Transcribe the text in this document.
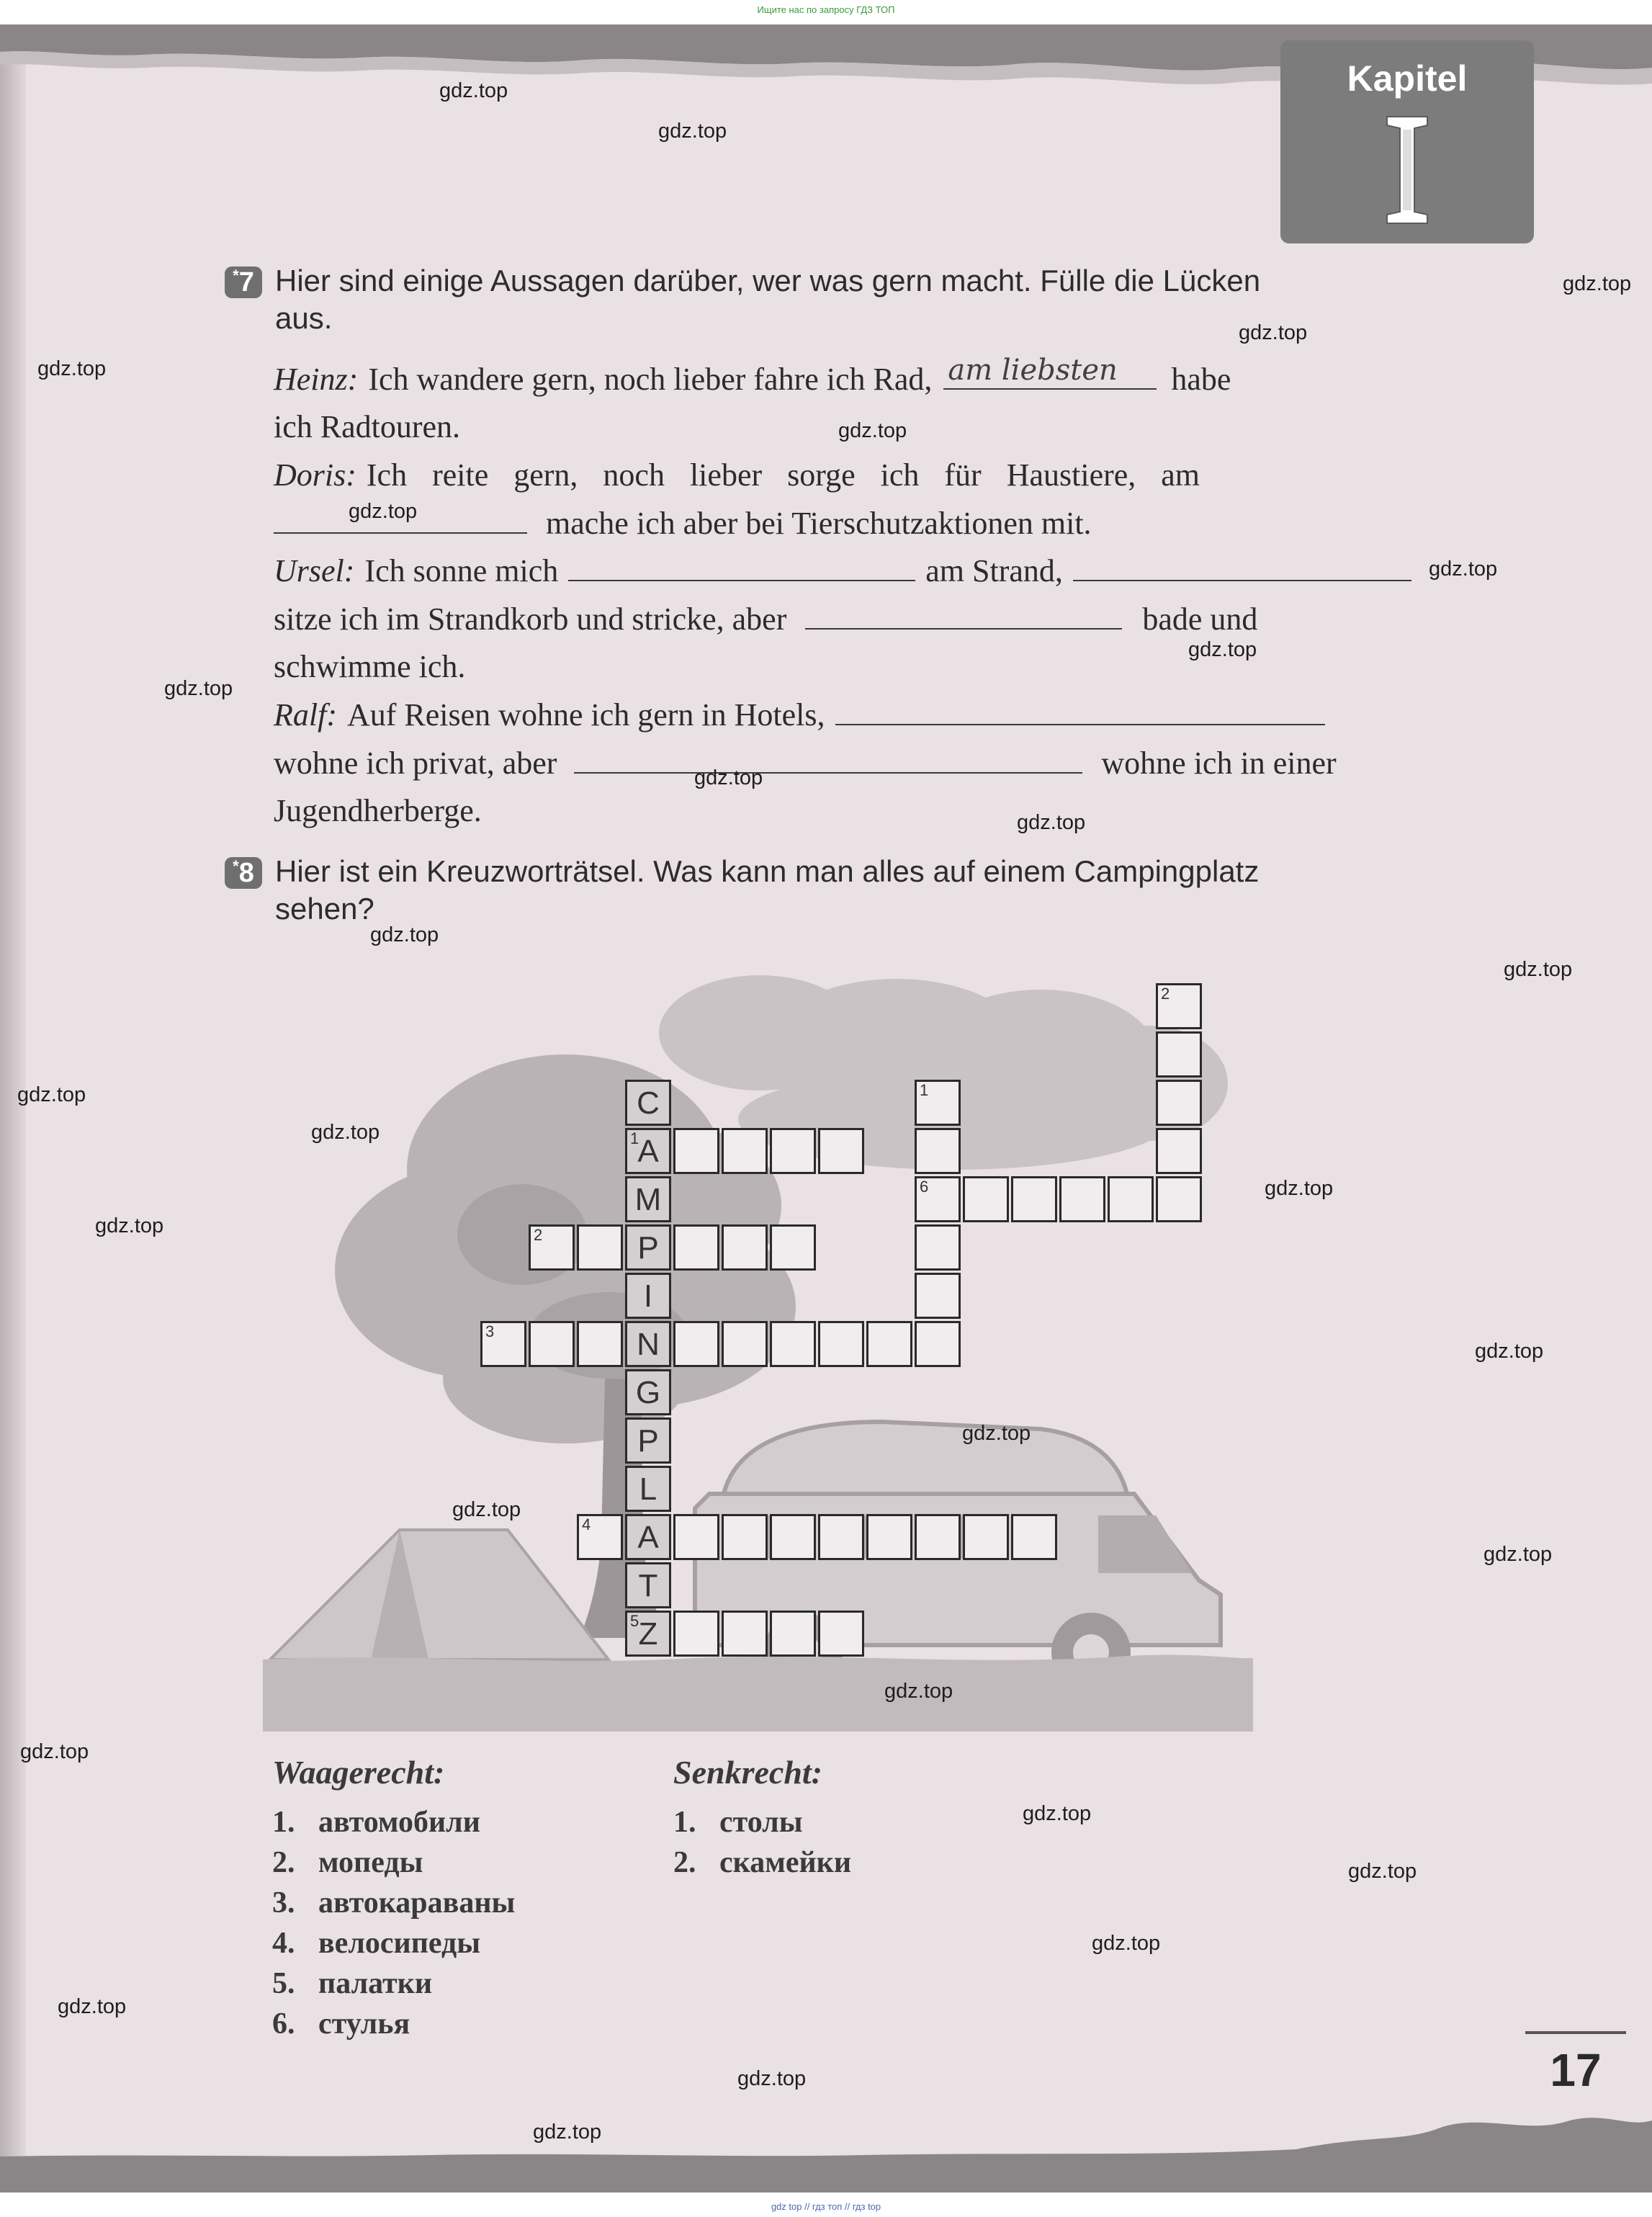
Ищите нас по запросу ГДЗ ТОП
Kapitel
*7 Hier sind einige Aussagen darüber, wer was gern macht. Fülle die Lücken
aus.
Heinz: Ich wandere gern, noch lieber fahre ich Rad, am liebsten habe
ich Radtouren.
Doris: Ich reite gern, noch lieber sorge ich für Haustiere, am
mache ich aber bei Tierschutzaktionen mit.
Ursel: Ich sonne mich	am Strand,
sitze ich im Strandkorb und stricke, aber	bade und
schwimme ich.
Ralf: Auf Reisen wohne ich gern in Hotels,
wohne ich privat, aber	wohne ich in einer
Jugendherberge.
*8 Hier ist ein Kreuzworträtsel. Was kann man alles auf einem Campingplatz
sehen?
Waagerecht:	Senkrecht:
1. автомобили
2. мопеды
3. автокараваны
4. велосипеды
5. палатки
6. стулья
1. столы
2. скамейки
17
gdz.top
gdz.top
gdz.top
gdz.top
gdz.top
gdz.top
gdz.top
gdz.top
gdz.top
gdz.top
gdz.top
gdz.top
gdz.top
gdz.top
gdz.top
gdz.top
gdz.top
gdz.top
gdz.top
gdz.top
gdz.top
gdz.top
gdz.top
gdz.top
gdz.top
gdz.top
gdz.top
gdz.top
gdz.top
gdz.top
C
1
A
M
P
I
N
G
P
L
A
T
5 Z
2
3
1
6
2
4
gdz top // гдз топ // гдз top
